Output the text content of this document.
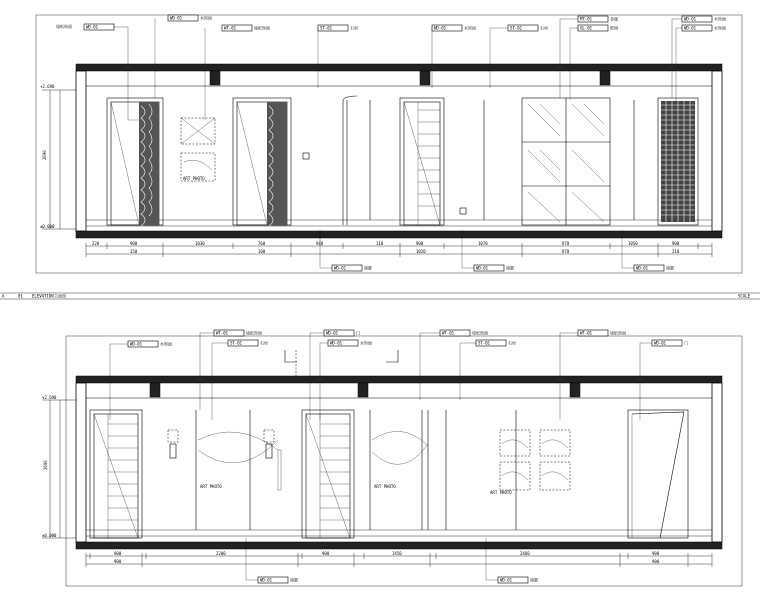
墙纸饰面	WD-01
WD-01	木饰面
WT-01	墙纸饰面	ST-01	石材	WD-01	木饰面	ST-01	石材
MT-01	金属
GL-01	玻璃
WD-01	木饰面
WD-01	木饰面
+2.690
±0.000
2690
ART PHOTO
220	900	1030	760	940	110	900	1070	870	1050	900
150	100	1020	870	210
WD-01	踢脚	WD-01	踢脚	WD-01	踢脚
A	01 ELEVATION 立面图	SCALE
WD-01	木饰面
WT-01	墙纸饰面
ST-01	石材
WD-01	门
WD-01	木饰面
WT-01	墙纸饰面
ST-01	石材
WT-01	墙纸饰面
WD-01	门
+2.690
±0.000
2690
ART PHOTO	ART PHOTO
ART PHOTO
900	2200	900	1450	2460	900
900	900
WD-01	踢脚	WD-01	踢脚
